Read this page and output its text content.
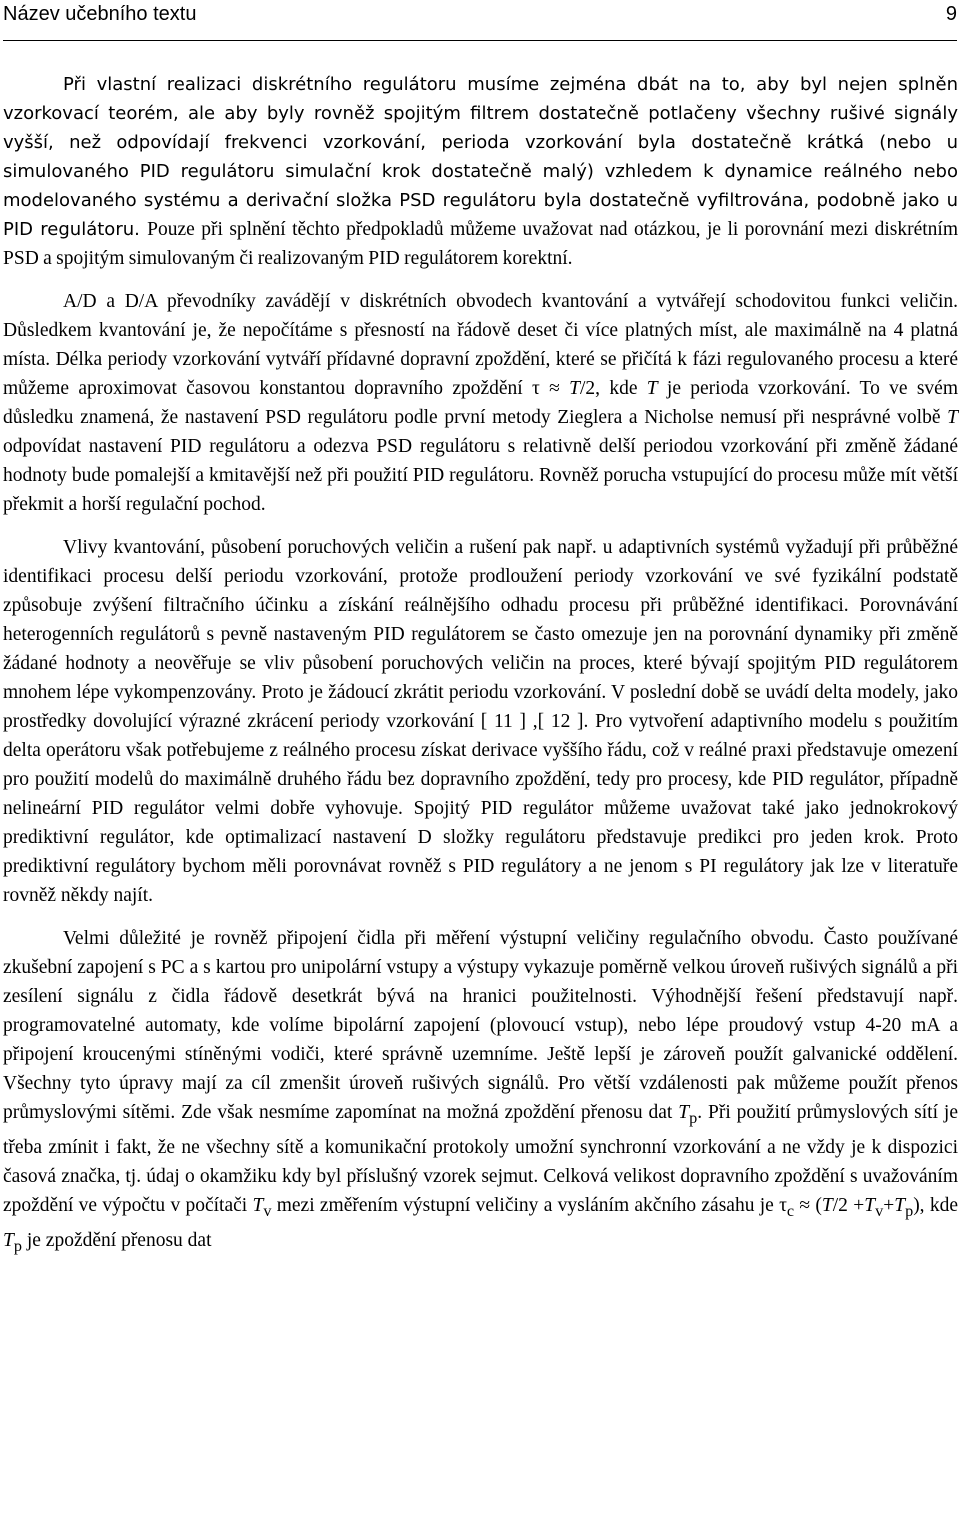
Název učebního textu	9

Při vlastní realizaci diskrétního regulátoru musíme zejména dbát na to, aby byl nejen splněn vzorkovací teorém, ale aby byly rovněž spojitým filtrem dostatečně potlačeny všechny rušivé signály vyšší, než odpovídají frekvenci vzorkování, perioda vzorkování byla dostatečně krátká (nebo u simulovaného PID regulátoru simulační krok dostatečně malý) vzhledem k dynamice reálného nebo modelovaného systému a derivační složka PSD regulátoru byla dostatečně vyfiltrována, podobně jako u PID regulátoru. Pouze při splnění těchto předpokladů můžeme uvažovat nad otázkou, je li porovnání mezi diskrétním PSD a spojitým simulovaným či realizovaným PID regulátorem korektní.

A/D a D/A převodníky zavádějí v diskrétních obvodech kvantování a vytvářejí schodovitou funkci veličin. Důsledkem kvantování je, že nepočítáme s přesností na řádově deset či více platných míst, ale maximálně na 4 platná místa. Délka periody vzorkování vytváří přídavné dopravní zpoždění, které se přičítá k fázi regulovaného procesu a které můžeme aproximovat časovou konstantou dopravního zpoždění τ ≈ T/2, kde T je perioda vzorkování. To ve svém důsledku znamená, že nastavení PSD regulátoru podle první metody Zieglera a Nicholse nemusí při nesprávné volbě T odpovídat nastavení PID regulátoru a odezva PSD regulátoru s relativně delší periodou vzorkování při změně žádané hodnoty bude pomalejší a kmitavější než při použití PID regulátoru. Rovněž porucha vstupující do procesu může mít větší překmit a horší regulační pochod.

Vlivy kvantování, působení poruchových veličin a rušení pak např. u adaptivních systémů vyžadují při průběžné identifikaci procesu delší periodu vzorkování, protože prodloužení periody vzorkování ve své fyzikální podstatě způsobuje zvýšení filtračního účinku a získání reálnějšího odhadu procesu při průběžné identifikaci. Porovnávání heterogenních regulátorů s pevně nastaveným PID regulátorem se často omezuje jen na porovnání dynamiky při změně žádané hodnoty a neověřuje se vliv působení poruchových veličin na proces, které bývají spojitým PID regulátorem mnohem lépe vykompenzovány. Proto je žádoucí zkrátit periodu vzorkování. V poslední době se uvádí delta modely, jako prostředky dovolující výrazné zkrácení periody vzorkování [ 11 ] ,[ 12 ]. Pro vytvoření adaptivního modelu s použitím delta operátoru však potřebujeme z reálného procesu získat derivace vyššího řádu, což v reálné praxi představuje omezení pro použití modelů do maximálně druhého řádu bez dopravního zpoždění, tedy pro procesy, kde PID regulátor, případně nelineární PID regulátor velmi dobře vyhovuje. Spojitý PID regulátor můžeme uvažovat také jako jednokrokový prediktivní regulátor, kde optimalizací nastavení D složky regulátoru představuje predikci pro jeden krok. Proto prediktivní regulátory bychom měli porovnávat rovněž s PID regulátory a ne jenom s PI regulátory jak lze v literatuře rovněž někdy najít.

Velmi důležité je rovněž připojení čidla při měření výstupní veličiny regulačního obvodu. Často používané zkušební zapojení s PC a s kartou pro unipolární vstupy a výstupy vykazuje poměrně velkou úroveň rušivých signálů a při zesílení signálu z čidla řádově desetkrát bývá na hranici použitelnosti. Výhodnější řešení představují např. programovatelné automaty, kde volíme bipolární zapojení (plovoucí vstup), nebo lépe proudový vstup 4-20 mA a připojení kroucenými stíněnými vodiči, které správně uzemníme. Ještě lepší je zároveň použít galvanické oddělení. Všechny tyto úpravy mají za cíl zmenšit úroveň rušivých signálů. Pro větší vzdálenosti pak můžeme použít přenos průmyslovými sítěmi. Zde však nesmíme zapomínat na možná zpoždění přenosu dat $T_p$. Při použití průmyslových sítí je třeba zmínit i fakt, že ne všechny sítě a komunikační protokoly umožní synchronní vzorkování a ne vždy je k dispozici časová značka, tj. údaj o okamžiku kdy byl příslušný vzorek sejmut. Celková velikost dopravního zpoždění s uvažováním zpoždění ve výpočtu v počítači $T_v$ mezi změřením výstupní veličiny a vysláním akčního zásahu je $\tau_c \approx (T/2 +T_v+T_p)$, kde $T_p$ je zpoždění přenosu dat
